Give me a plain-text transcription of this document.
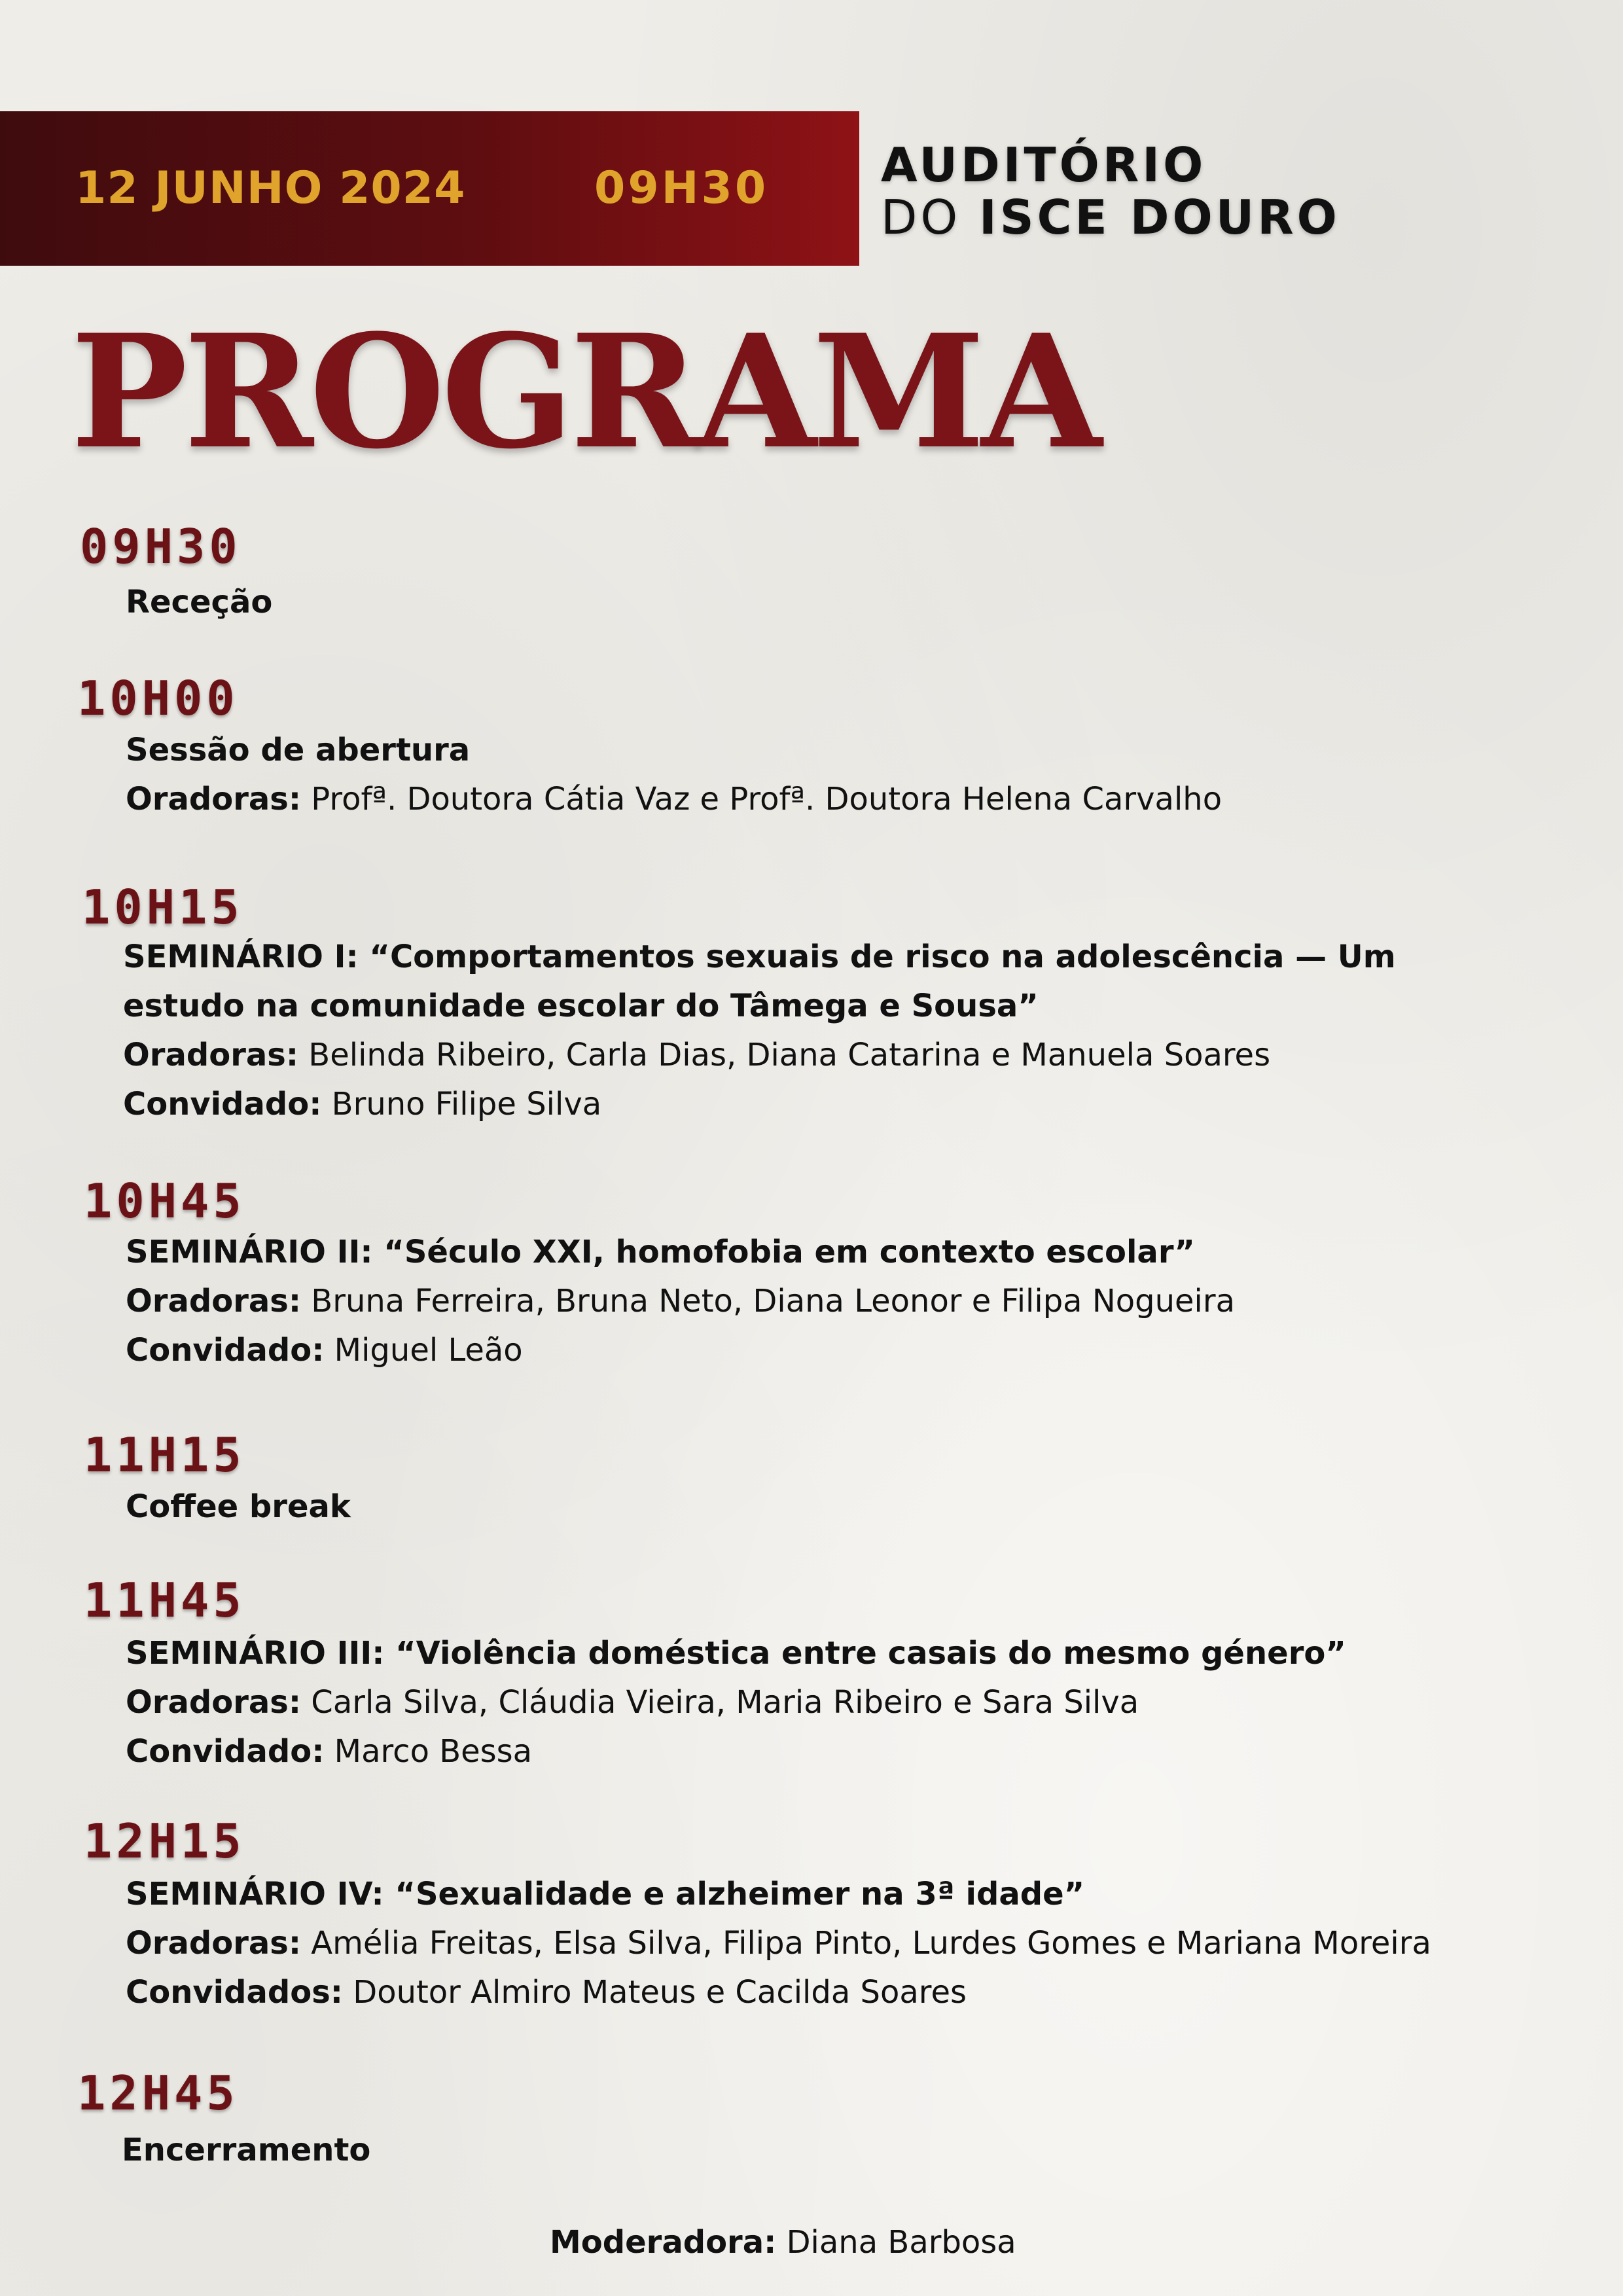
12 JUNHO 2024	09H30 AUDITÓRIO
DO ISCE DOURO
PROGRAMA
09H30
Receção
10H00
Sessão de abertura
Oradoras: Profª. Doutora Cátia Vaz e Profª. Doutora Helena Carvalho
10H15
SEMINÁRIO I: “Comportamentos sexuais de risco na adolescência — Um
estudo na comunidade escolar do Tâmega e Sousa”
Oradoras: Belinda Ribeiro, Carla Dias, Diana Catarina e Manuela Soares
Convidado: Bruno Filipe Silva
10H45
SEMINÁRIO II: “Século XXI, homofobia em contexto escolar”
Oradoras: Bruna Ferreira, Bruna Neto, Diana Leonor e Filipa Nogueira
Convidado: Miguel Leão
11H15
Coffee break
11H45
SEMINÁRIO III: “Violência doméstica entre casais do mesmo género”
Oradoras: Carla Silva, Cláudia Vieira, Maria Ribeiro e Sara Silva
Convidado: Marco Bessa
12H15
SEMINÁRIO IV: “Sexualidade e alzheimer na 3ª idade”
Oradoras: Amélia Freitas, Elsa Silva, Filipa Pinto, Lurdes Gomes e Mariana Moreira
Convidados: Doutor Almiro Mateus e Cacilda Soares
12H45
Encerramento
Moderadora: Diana Barbosa
